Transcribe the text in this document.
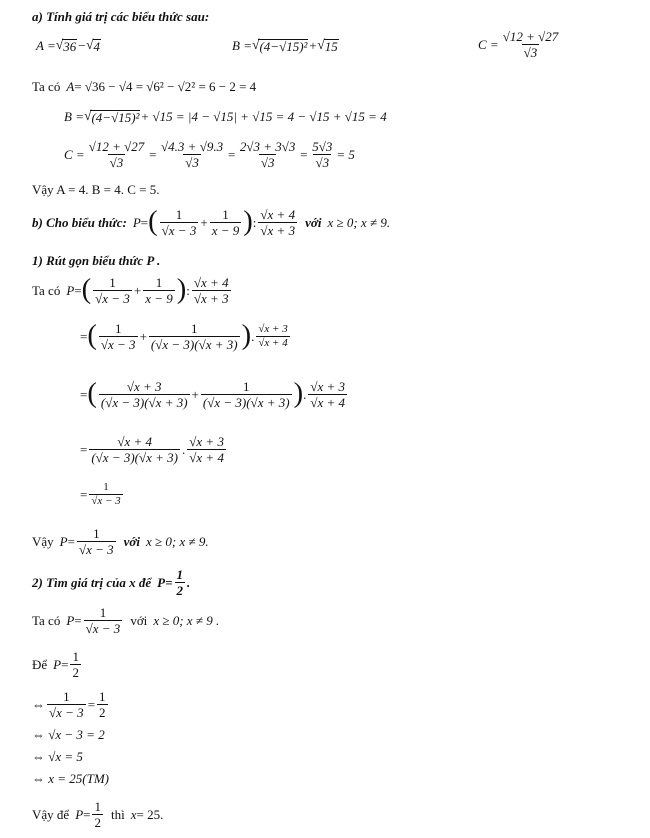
a) Tính giá trị các biểu thức sau:
A = √ 36 − √ 4	B = √ (4−√15)² + √ 15	$C = \frac{√12 + √27}{√3}$
Ta có A = √36 − √4 = √6² − √2² = 6 − 2 = 4
B = √ (4−√15)² + √15 = |4 − √15| + √15 = 4 − √15 + √15 = 4
$C = \frac{√12 + √27}{√3} = \frac{√4.3 + √9.3}{√3} = \frac{2√3 + 3√3}{√3} = \frac{5√3}{√3} = 5$
Vậy A = 4. B = 4. C = 5.
b) Cho biểu thức: P = ( $\frac{1}{√x - 3} + \frac{1}{x - 9}$ ) : $\frac{√x + 4}{√x + 3}$ với x ≥ 0; x ≠ 9.
1) Rút gọn biểu thức P .
Ta có P = ( $\frac{1}{√x - 3} + \frac{1}{x - 9}$ ) : $\frac{√x + 4}{√x + 3}$
= ( $\frac{1}{√x - 3} + \frac{1}{(√x - 3)(√x + 3)}$ ) . $\frac{√x + 3}{√x + 4}$
= ( $\frac{√x + 3}{(√x - 3)(√x + 3)} + \frac{1}{(√x - 3)(√x + 3)}$ ) . $\frac{√x + 3}{√x + 4}$
= $\frac{√x + 4}{(√x - 3)(√x + 3)}$ . $\frac{√x + 3}{√x + 4}$
= $\frac{1}{√x - 3}$
Vậy $P = \frac{1}{√x - 3}$ với x ≥ 0; x ≠ 9.
2) Tìm giá trị của x để $P = \frac{1}{2}$ .
Ta có $P = \frac{1}{√x - 3}$ với x ≥ 0; x ≠ 9 .
Để $P = \frac{1}{2}$
⇔ $\frac{1}{√x - 3} = \frac{1}{2}$
⇔ √x − 3 = 2
⇔ √x = 5
⇔ x = 25(TM)
Vậy để $P = \frac{1}{2}$ thì x = 25.
